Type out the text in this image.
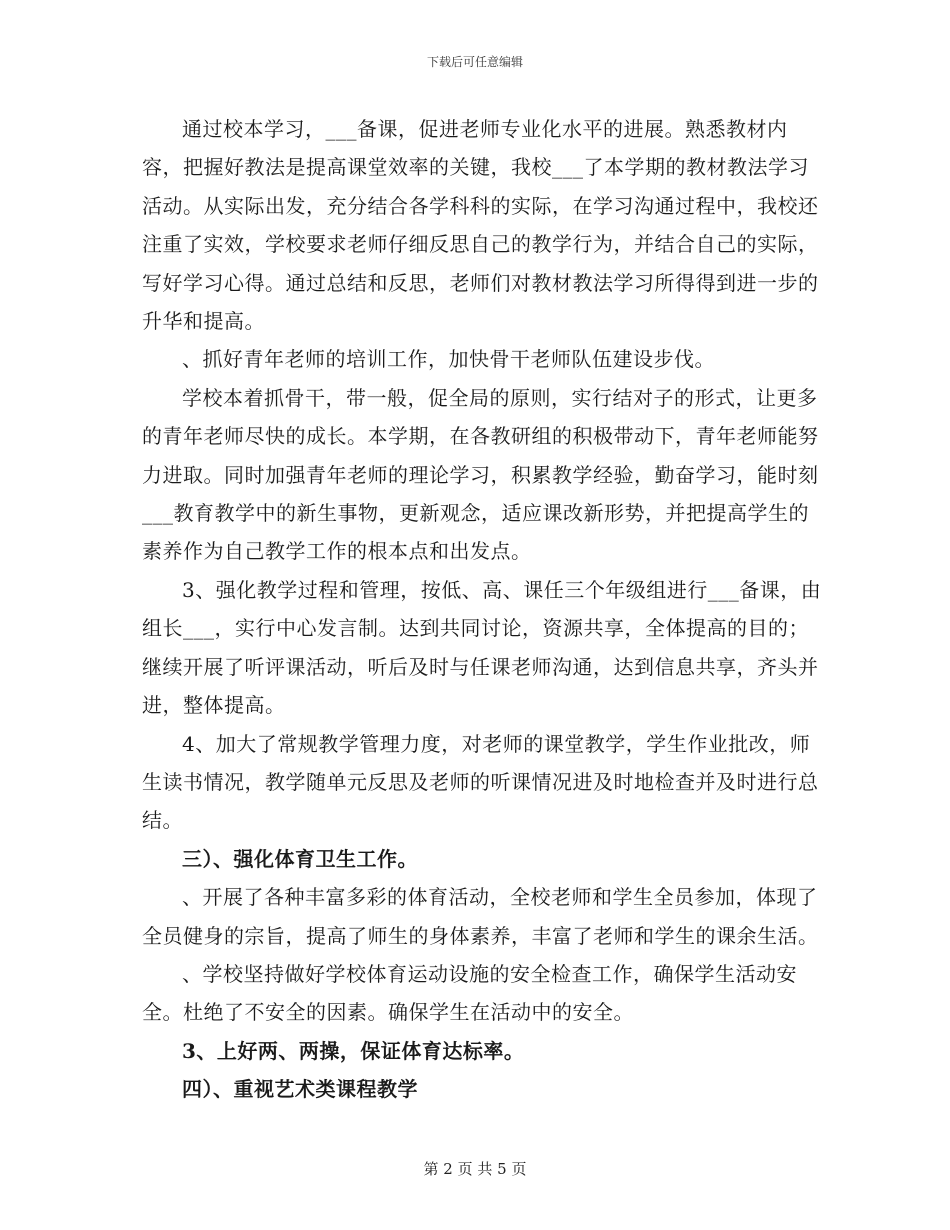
下载后可任意编辑

通过校本学习，___备课，促进老师专业化水平的进展。熟悉教材内容，把握好教法是提高课堂效率的关键，我校___了本学期的教材教法学习活动。从实际出发，充分结合各学科科的实际，在学习沟通过程中，我校还注重了实效，学校要求老师仔细反思自己的教学行为，并结合自己的实际，写好学习心得。通过总结和反思，老师们对教材教法学习所得得到进一步的升华和提高。

、抓好青年老师的培训工作，加快骨干老师队伍建设步伐。

学校本着抓骨干，带一般，促全局的原则，实行结对子的形式，让更多的青年老师尽快的成长。本学期，在各教研组的积极带动下，青年老师能努力进取。同时加强青年老师的理论学习，积累教学经验，勤奋学习，能时刻___教育教学中的新生事物，更新观念，适应课改新形势，并把提高学生的素养作为自己教学工作的根本点和出发点。

3、强化教学过程和管理，按低、高、课任三个年级组进行___备课，由组长___，实行中心发言制。达到共同讨论，资源共享，全体提高的目的；继续开展了听评课活动，听后及时与任课老师沟通，达到信息共享，齐头并进，整体提高。

4、加大了常规教学管理力度，对老师的课堂教学，学生作业批改，师生读书情况，教学随单元反思及老师的听课情况进及时地检查并及时进行总结。

三）、强化体育卫生工作。

、开展了各种丰富多彩的体育活动，全校老师和学生全员参加，体现了全员健身的宗旨，提高了师生的身体素养，丰富了老师和学生的课余生活。

、学校坚持做好学校体育运动设施的安全检查工作，确保学生活动安全。杜绝了不安全的因素。确保学生在活动中的安全。

3、上好两、两操，保证体育达标率。

四）、重视艺术类课程教学

第 2 页 共 5 页
